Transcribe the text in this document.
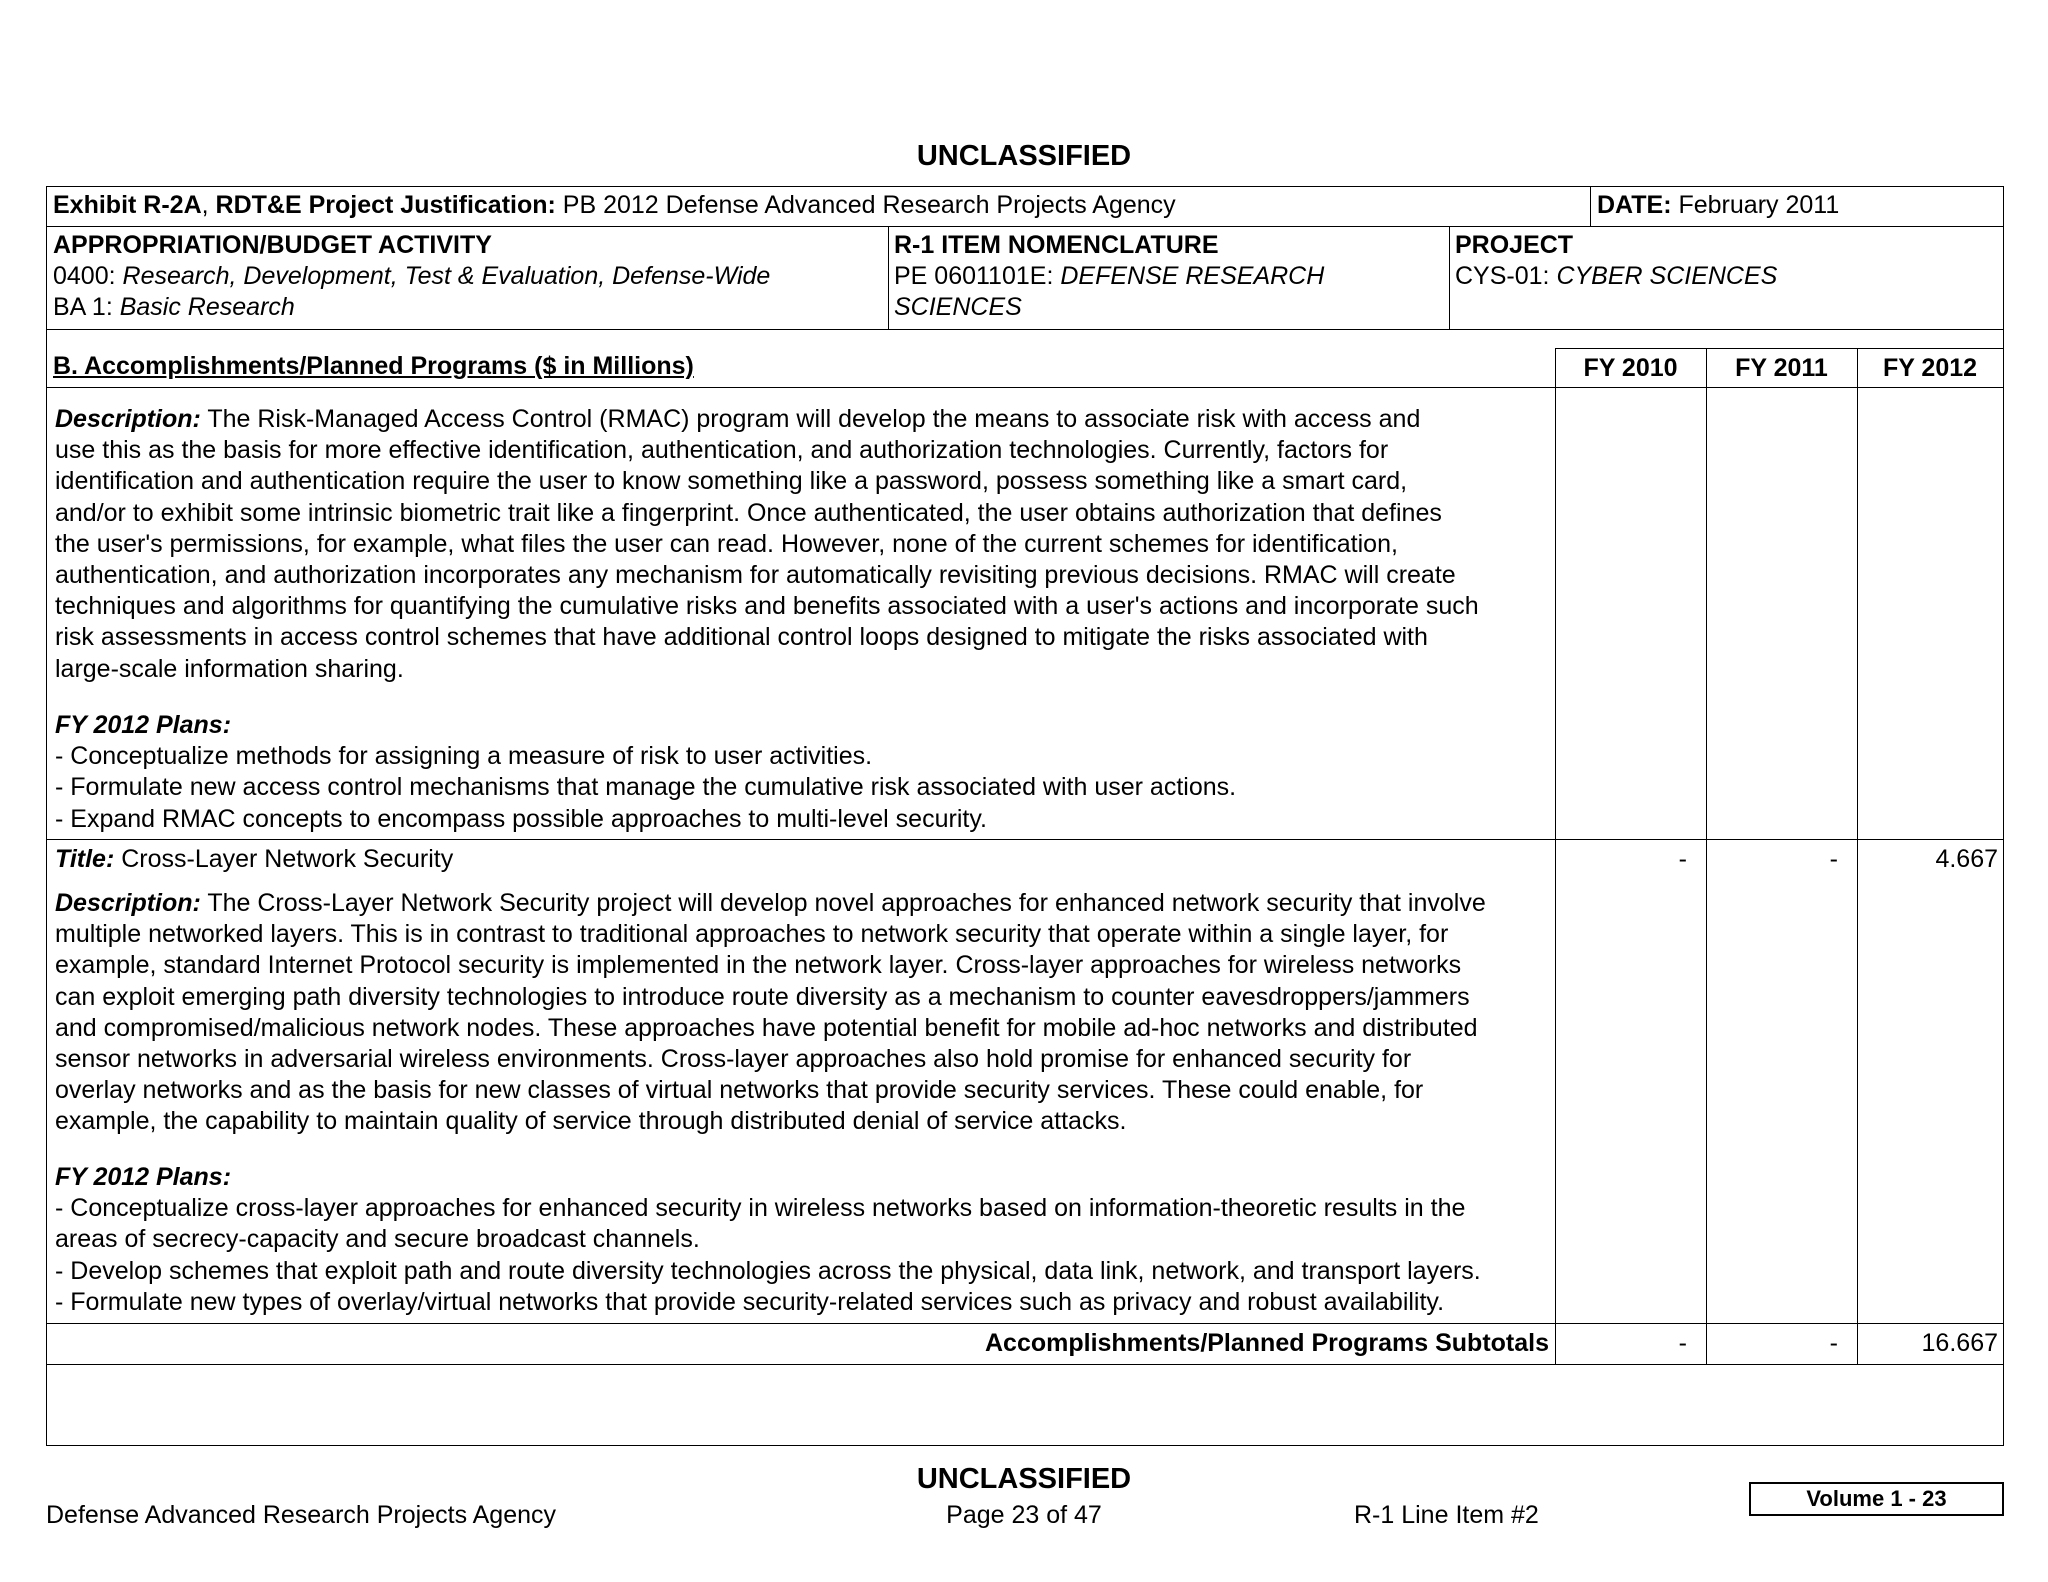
UNCLASSIFIED
Exhibit R-2A, RDT&E Project Justification: PB 2012 Defense Advanced Research Projects Agency	DATE: February 2011
APPROPRIATION/BUDGET ACTIVITY
0400: Research, Development, Test & Evaluation, Defense-Wide
BA 1: Basic Research
R-1 ITEM NOMENCLATURE
PE 0601101E: DEFENSE RESEARCH
SCIENCES
PROJECT
CYS-01: CYBER SCIENCES
B. Accomplishments/Planned Programs ($ in Millions)	FY 2010	FY 2011	FY 2012
Description: The Risk-Managed Access Control (RMAC) program will develop the means to associate risk with access and
use this as the basis for more effective identification, authentication, and authorization technologies. Currently, factors for
identification and authentication require the user to know something like a password, possess something like a smart card,
and/or to exhibit some intrinsic biometric trait like a fingerprint. Once authenticated, the user obtains authorization that defines
the user's permissions, for example, what files the user can read. However, none of the current schemes for identification,
authentication, and authorization incorporates any mechanism for automatically revisiting previous decisions. RMAC will create
techniques and algorithms for quantifying the cumulative risks and benefits associated with a user's actions and incorporate such
risk assessments in access control schemes that have additional control loops designed to mitigate the risks associated with
large-scale information sharing.
FY 2012 Plans:
- Conceptualize methods for assigning a measure of risk to user activities.
- Formulate new access control mechanisms that manage the cumulative risk associated with user actions.
- Expand RMAC concepts to encompass possible approaches to multi-level security.
Title: Cross-Layer Network Security	-	-	4.667
Description: The Cross-Layer Network Security project will develop novel approaches for enhanced network security that involve
multiple networked layers. This is in contrast to traditional approaches to network security that operate within a single layer, for
example, standard Internet Protocol security is implemented in the network layer. Cross-layer approaches for wireless networks
can exploit emerging path diversity technologies to introduce route diversity as a mechanism to counter eavesdroppers/jammers
and compromised/malicious network nodes. These approaches have potential benefit for mobile ad-hoc networks and distributed
sensor networks in adversarial wireless environments. Cross-layer approaches also hold promise for enhanced security for
overlay networks and as the basis for new classes of virtual networks that provide security services. These could enable, for
example, the capability to maintain quality of service through distributed denial of service attacks.
FY 2012 Plans:
- Conceptualize cross-layer approaches for enhanced security in wireless networks based on information-theoretic results in the
areas of secrecy-capacity and secure broadcast channels.
- Develop schemes that exploit path and route diversity technologies across the physical, data link, network, and transport layers.
- Formulate new types of overlay/virtual networks that provide security-related services such as privacy and robust availability.
Accomplishments/Planned Programs Subtotals	-	-	16.667
UNCLASSIFIED
Defense Advanced Research Projects Agency	Page 23 of 47	R-1 Line Item #2
Volume 1 - 23
